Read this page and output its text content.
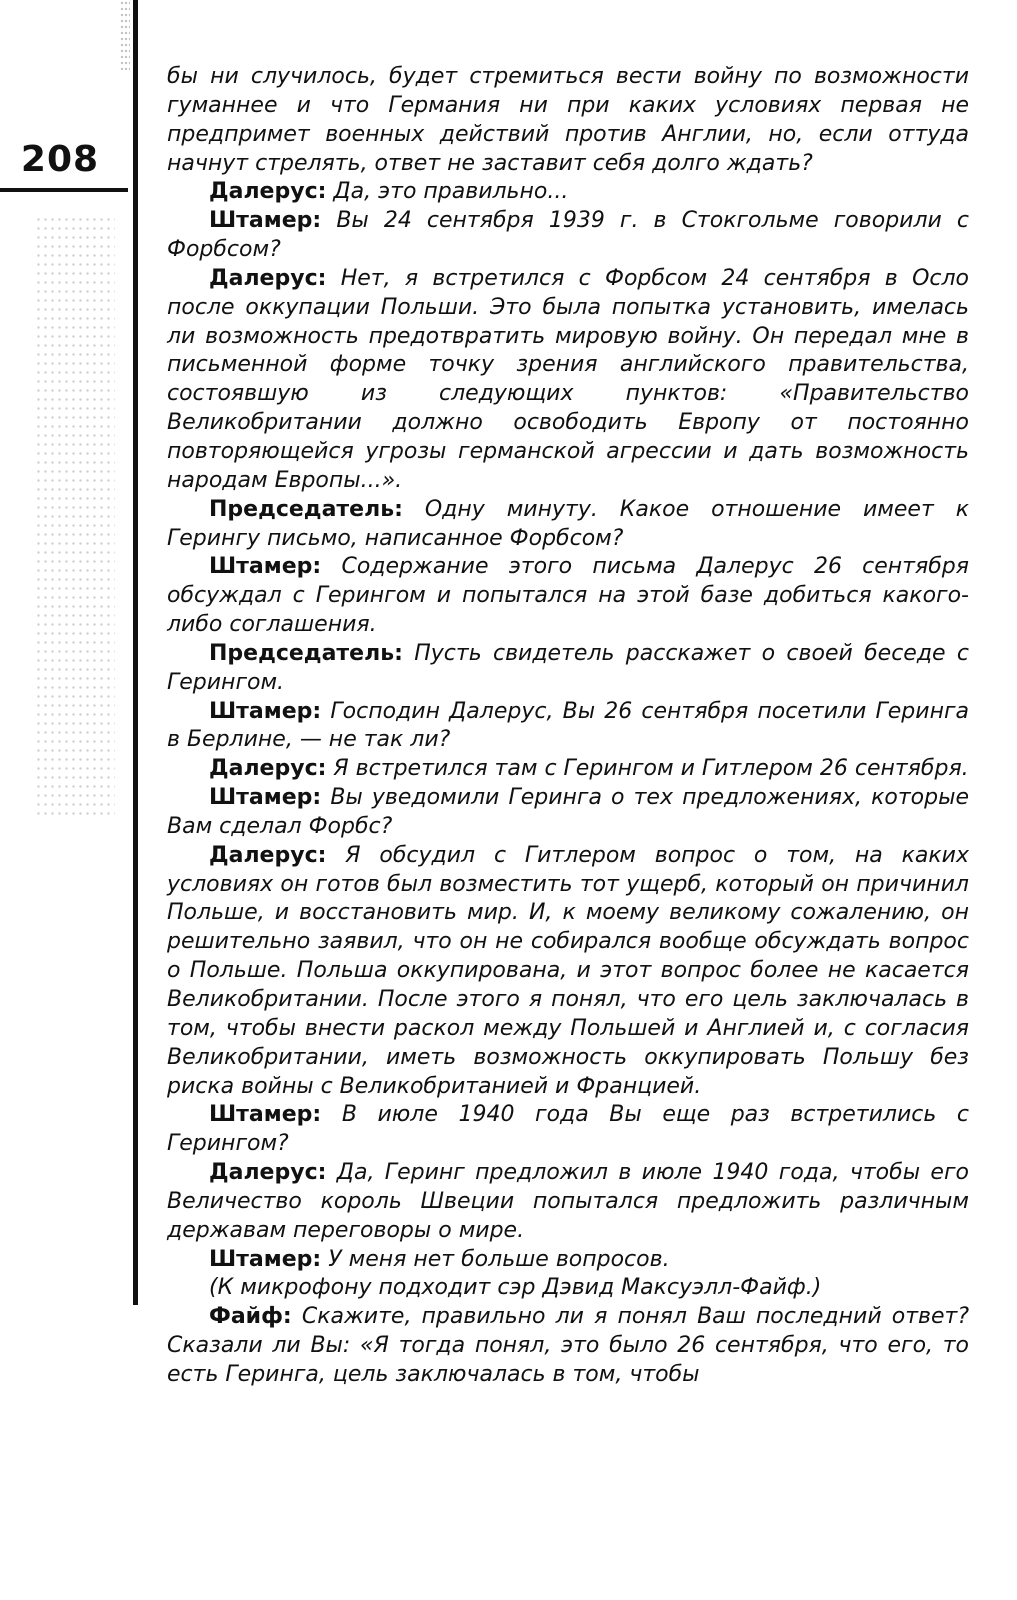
208

бы ни случилось, будет стремиться вести войну по возможности гуманнее и что Германия ни при каких условиях первая не предпримет военных действий против Англии, но, если оттуда начнут стрелять, ответ не заставит себя долго ждать?

Далерус: Да, это правильно...

Штамер: Вы 24 сентября 1939 г. в Стокгольме говорили с Форбсом?

Далерус: Нет, я встретился с Форбсом 24 сентября в Осло после оккупации Польши. Это была попытка установить, имелась ли возможность предотвратить мировую войну. Он передал мне в письменной форме точку зрения английского правительства, состоявшую из следующих пунктов: «Правительство Великобритании должно освободить Европу от постоянно повторяющейся угрозы германской агрессии и дать возможность народам Европы...».

Председатель: Одну минуту. Какое отношение имеет к Герингу письмо, написанное Форбсом?

Штамер: Содержание этого письма Далерус 26 сентября обсуждал с Герингом и попытался на этой базе добиться какого-либо соглашения.

Председатель: Пусть свидетель расскажет о своей беседе с Герингом.

Штамер: Господин Далерус, Вы 26 сентября посетили Геринга в Берлине, — не так ли?

Далерус: Я встретился там с Герингом и Гитлером 26 сентября.

Штамер: Вы уведомили Геринга о тех предложениях, которые Вам сделал Форбс?

Далерус: Я обсудил с Гитлером вопрос о том, на каких условиях он готов был возместить тот ущерб, который он причинил Польше, и восстановить мир. И, к моему великому сожалению, он решительно заявил, что он не собирался вообще обсуждать вопрос о Польше. Польша оккупирована, и этот вопрос более не касается Великобритании. После этого я понял, что его цель заключалась в том, чтобы внести раскол между Польшей и Англией и, с согласия Великобритании, иметь возможность оккупировать Польшу без риска войны с Великобританией и Францией.

Штамер: В июле 1940 года Вы еще раз встретились с Герингом?

Далерус: Да, Геринг предложил в июле 1940 года, чтобы его Величество король Швеции попытался предложить различным державам переговоры о мире.

Штамер: У меня нет больше вопросов.

(К микрофону подходит сэр Дэвид Максуэлл-Файф.)

Файф: Скажите, правильно ли я понял Ваш последний ответ? Сказали ли Вы: «Я тогда понял, это было 26 сентября, что его, то есть Геринга, цель заключалась в том, чтобы
